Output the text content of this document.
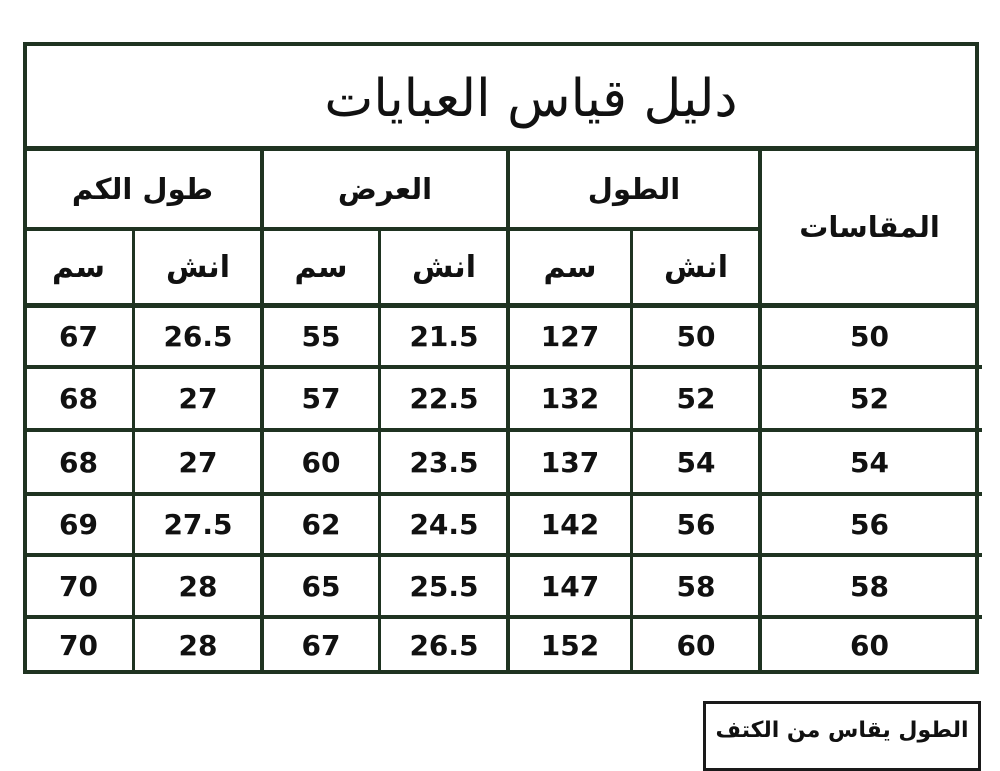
دليل قياس العبايات
المقاسات
الطول
العرض
طول الكم
انش
سم
انش
سم
انش
سم
50
50
127
21.5
55
26.5
67
52
52
132
22.5
57
27
68
54
54
137
23.5
60
27
68
56
56
142
24.5
62
27.5
69
58
58
147
25.5
65
28
70
60
60
152
26.5
67
28
70
الطول يقاس من الكتف
